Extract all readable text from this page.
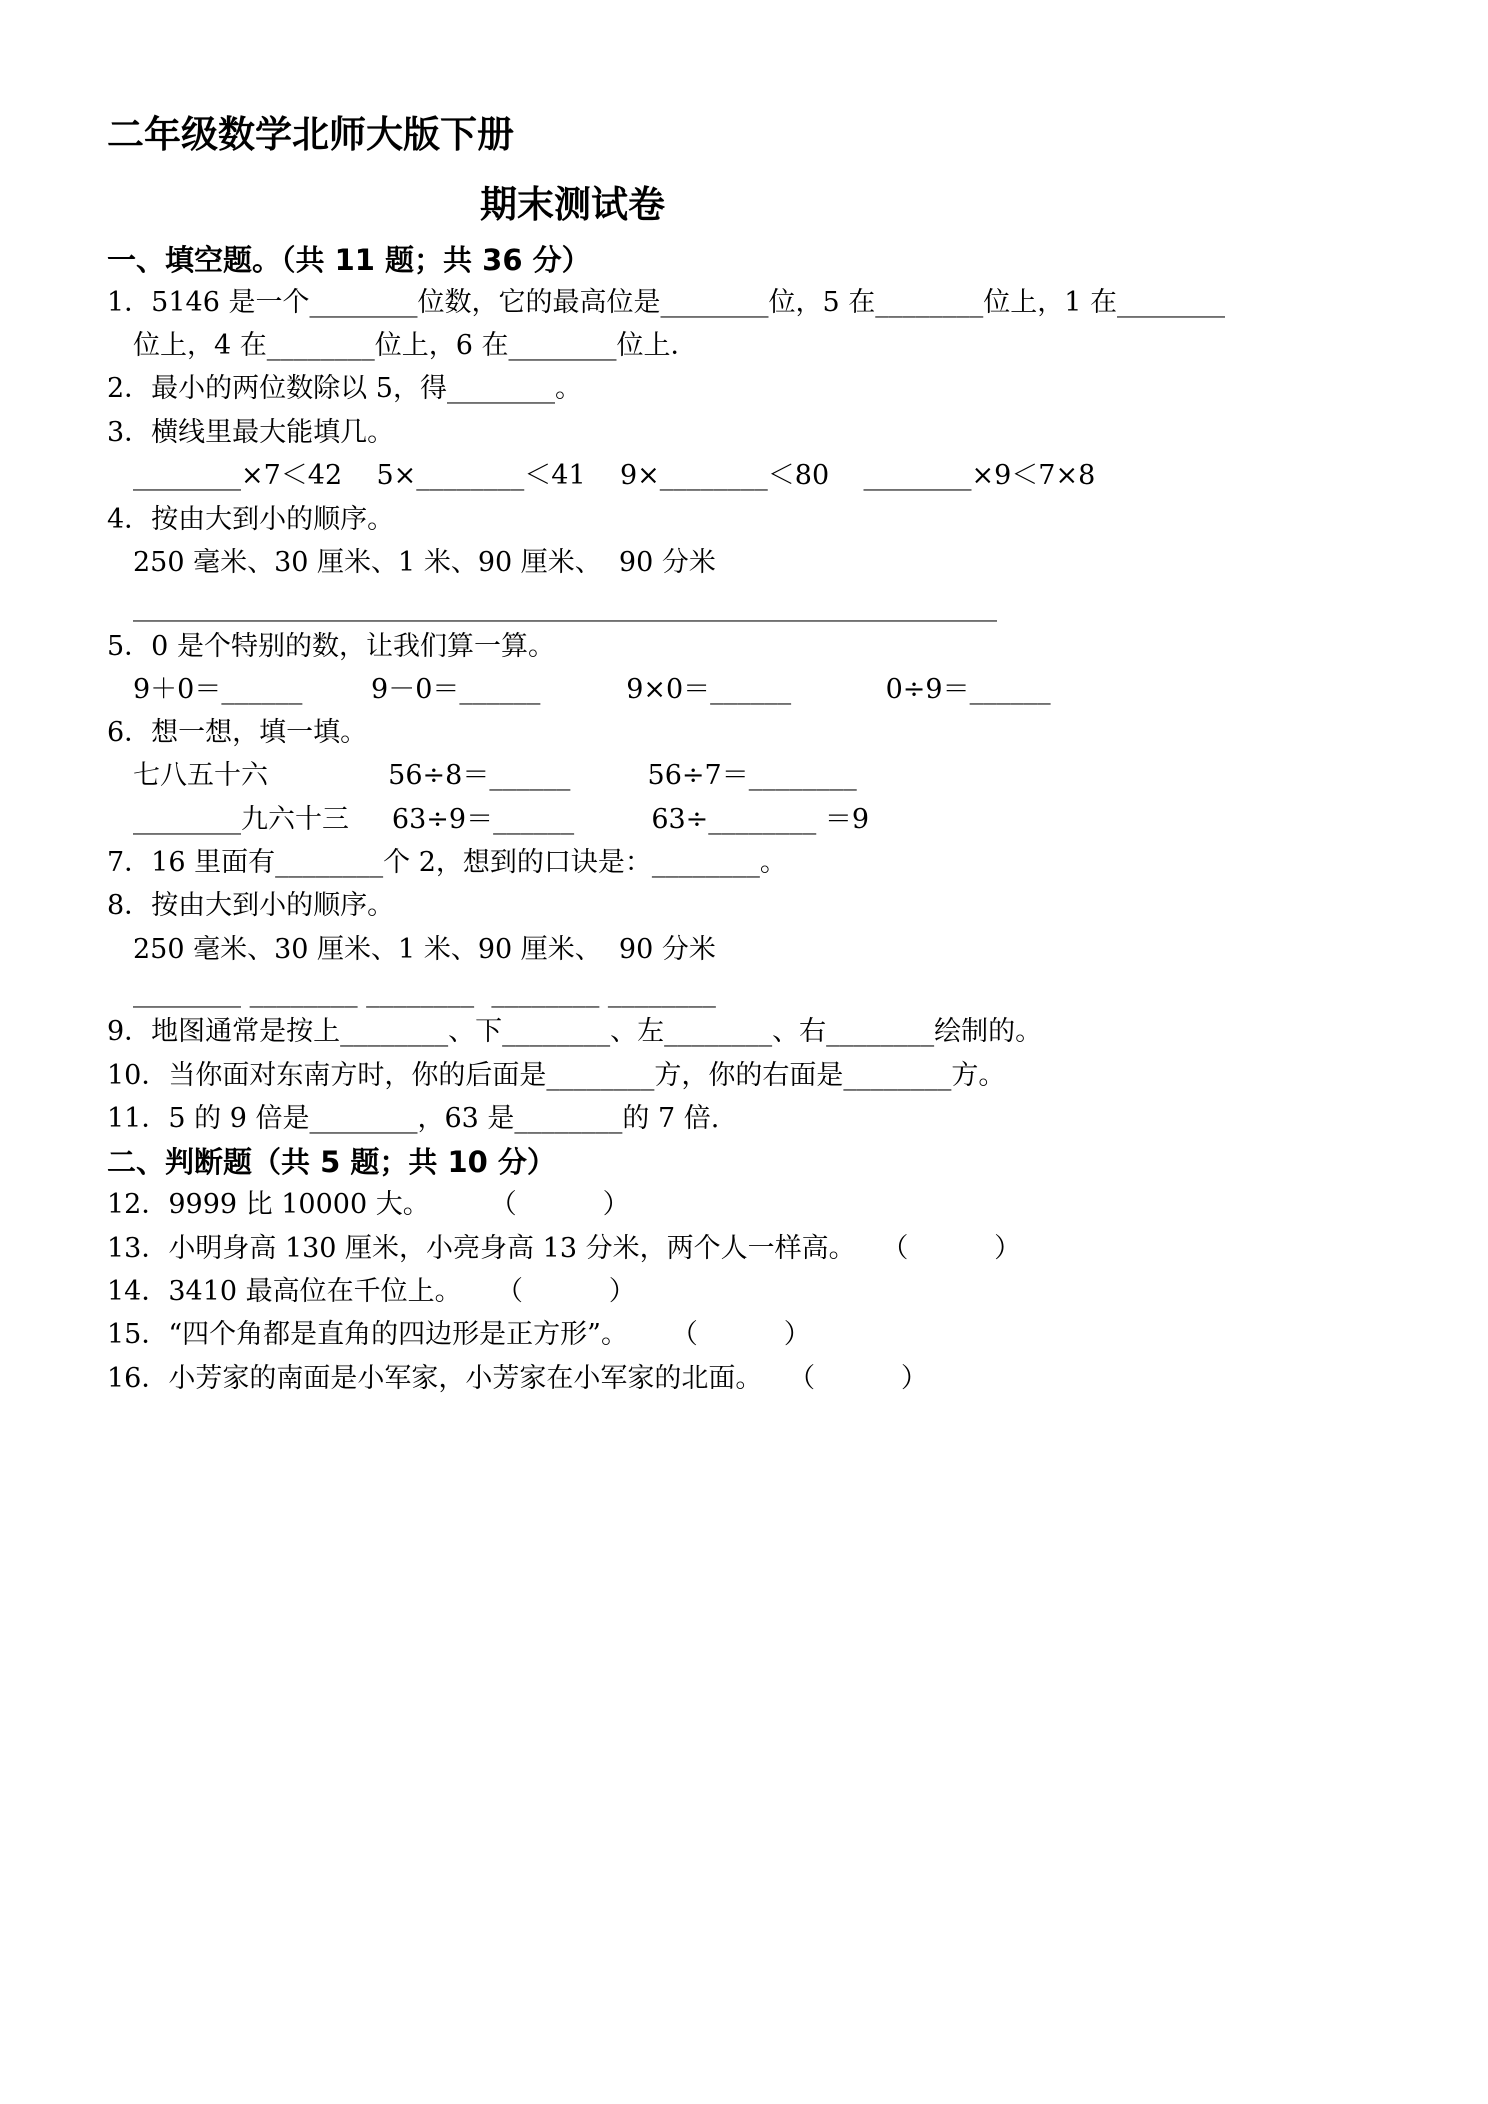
二年级数学北师大版下册
期末测试卷
一、填空题。（共 11 题；共 36 分）
1．5146 是一个________位数，它的最高位是________位，5 在________位上，1 在________
位上，4 在________位上，6 在________位上．
2．最小的两位数除以 5，得________。
3．横线里最大能填几。
________×7＜42    5×________＜41    9×________＜80    ________×9＜7×8
4．按由大到小的顺序。
250 毫米、30 厘米、1 米、90 厘米、  90 分米
________________________________________________________________
5．0 是个特别的数，让我们算一算。
9＋0＝______        9－0＝______          9×0＝______           0÷9＝______
6．想一想，填一填。
七八五十六              56÷8＝______         56÷7＝________
________九六十三     63÷9＝______         63÷________ ＝9
7．16 里面有________个 2，想到的口诀是：________。
8．按由大到小的顺序。
250 毫米、30 厘米、1 米、90 厘米、  90 分米
________ ________ ________  ________ ________
9．地图通常是按上________、下________、左________、右________绘制的。
10．当你面对东南方时，你的后面是________方，你的右面是________方。
11．5 的 9 倍是________，63 是________的 7 倍.
二、判断题（共 5 题；共 10 分）
12．9999 比 10000 大。       （          ）
13．小明身高 130 厘米，小亮身高 13 分米，两个人一样高。   （          ）
14．3410 最高位在千位上。    （          ）
15．“四个角都是直角的四边形是正方形”。     （          ）
16．小芳家的南面是小军家，小芳家在小军家的北面。   （          ）
